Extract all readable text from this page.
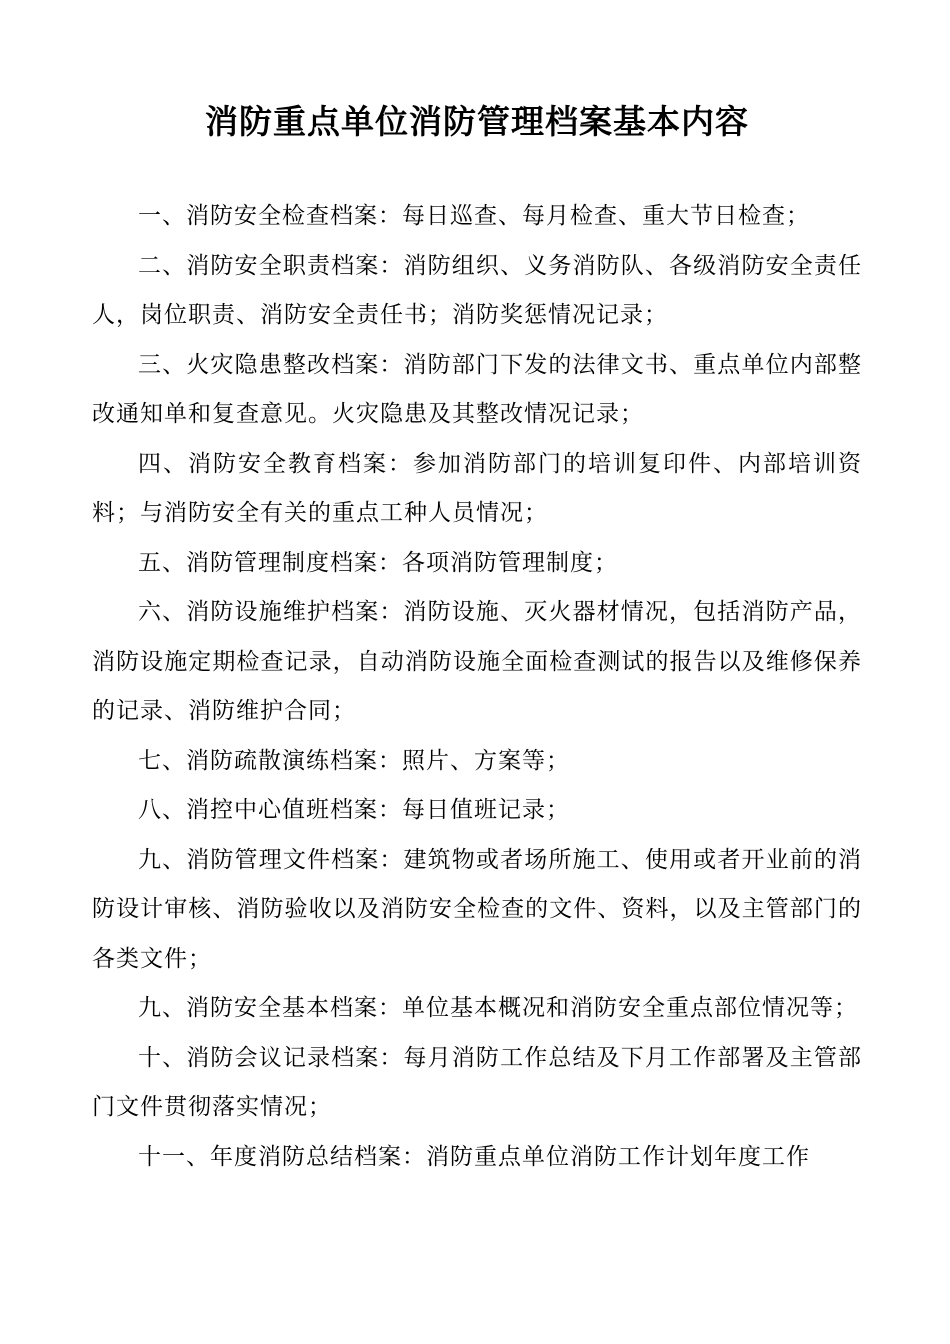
消防重点单位消防管理档案基本内容

一、消防安全检查档案：每日巡查、每月检查、重大节日检查；

二、消防安全职责档案：消防组织、义务消防队、各级消防安全责任人，岗位职责、消防安全责任书；消防奖惩情况记录；

三、火灾隐患整改档案：消防部门下发的法律文书、重点单位内部整改通知单和复查意见。火灾隐患及其整改情况记录；

四、消防安全教育档案：参加消防部门的培训复印件、内部培训资料；与消防安全有关的重点工种人员情况；

五、消防管理制度档案：各项消防管理制度；

六、消防设施维护档案：消防设施、灭火器材情况，包括消防产品，消防设施定期检查记录，自动消防设施全面检查测试的报告以及维修保养的记录、消防维护合同；

七、消防疏散演练档案：照片、方案等；

八、消控中心值班档案：每日值班记录；

九、消防管理文件档案：建筑物或者场所施工、使用或者开业前的消防设计审核、消防验收以及消防安全检查的文件、资料，以及主管部门的各类文件；

九、消防安全基本档案：单位基本概况和消防安全重点部位情况等；

十、消防会议记录档案：每月消防工作总结及下月工作部署及主管部门文件贯彻落实情况；

十一、年度消防总结档案：消防重点单位消防工作计划年度工作
